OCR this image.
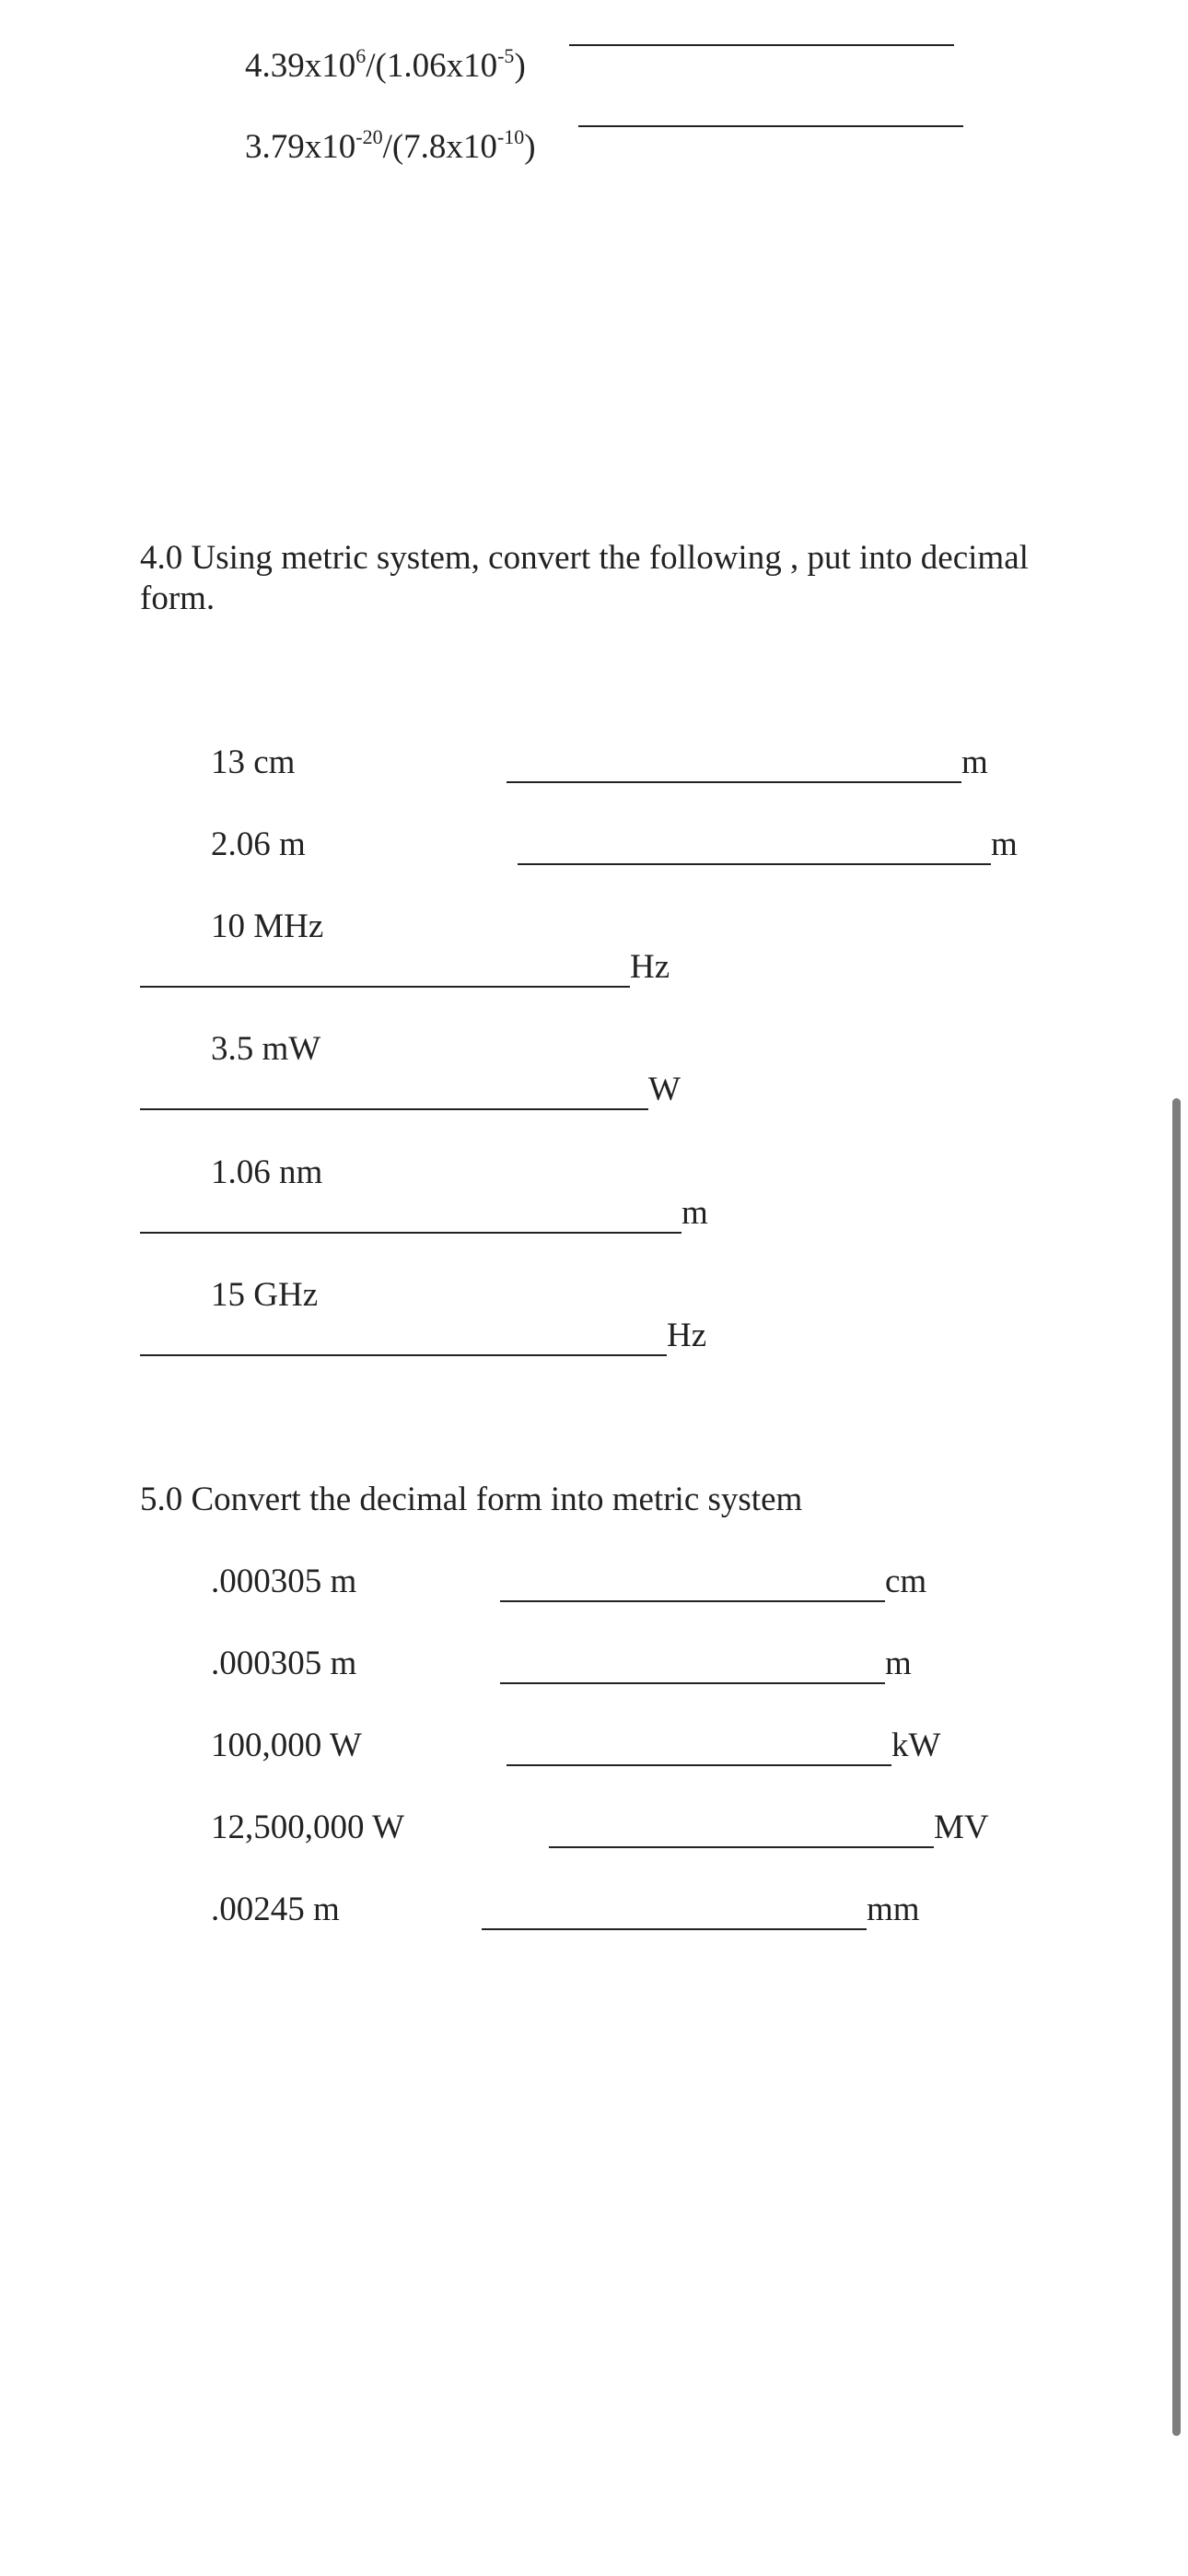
$4.39x10^6/(1.06x10^{-5})$

$3.79x10^{-20}/(7.8x10^{-10})$

4.0 Using metric system, convert the following , put into decimal form.
13 cm	m
2.06 m	m
10 MHz
Hz
3.5 mW
W
1.06 nm
m
15 GHz
Hz
5.0 Convert the decimal form into metric system
.000305 m	cm
.000305 m	m
100,000 W	kW
12,500,000 W	MV
.00245 m	mm
